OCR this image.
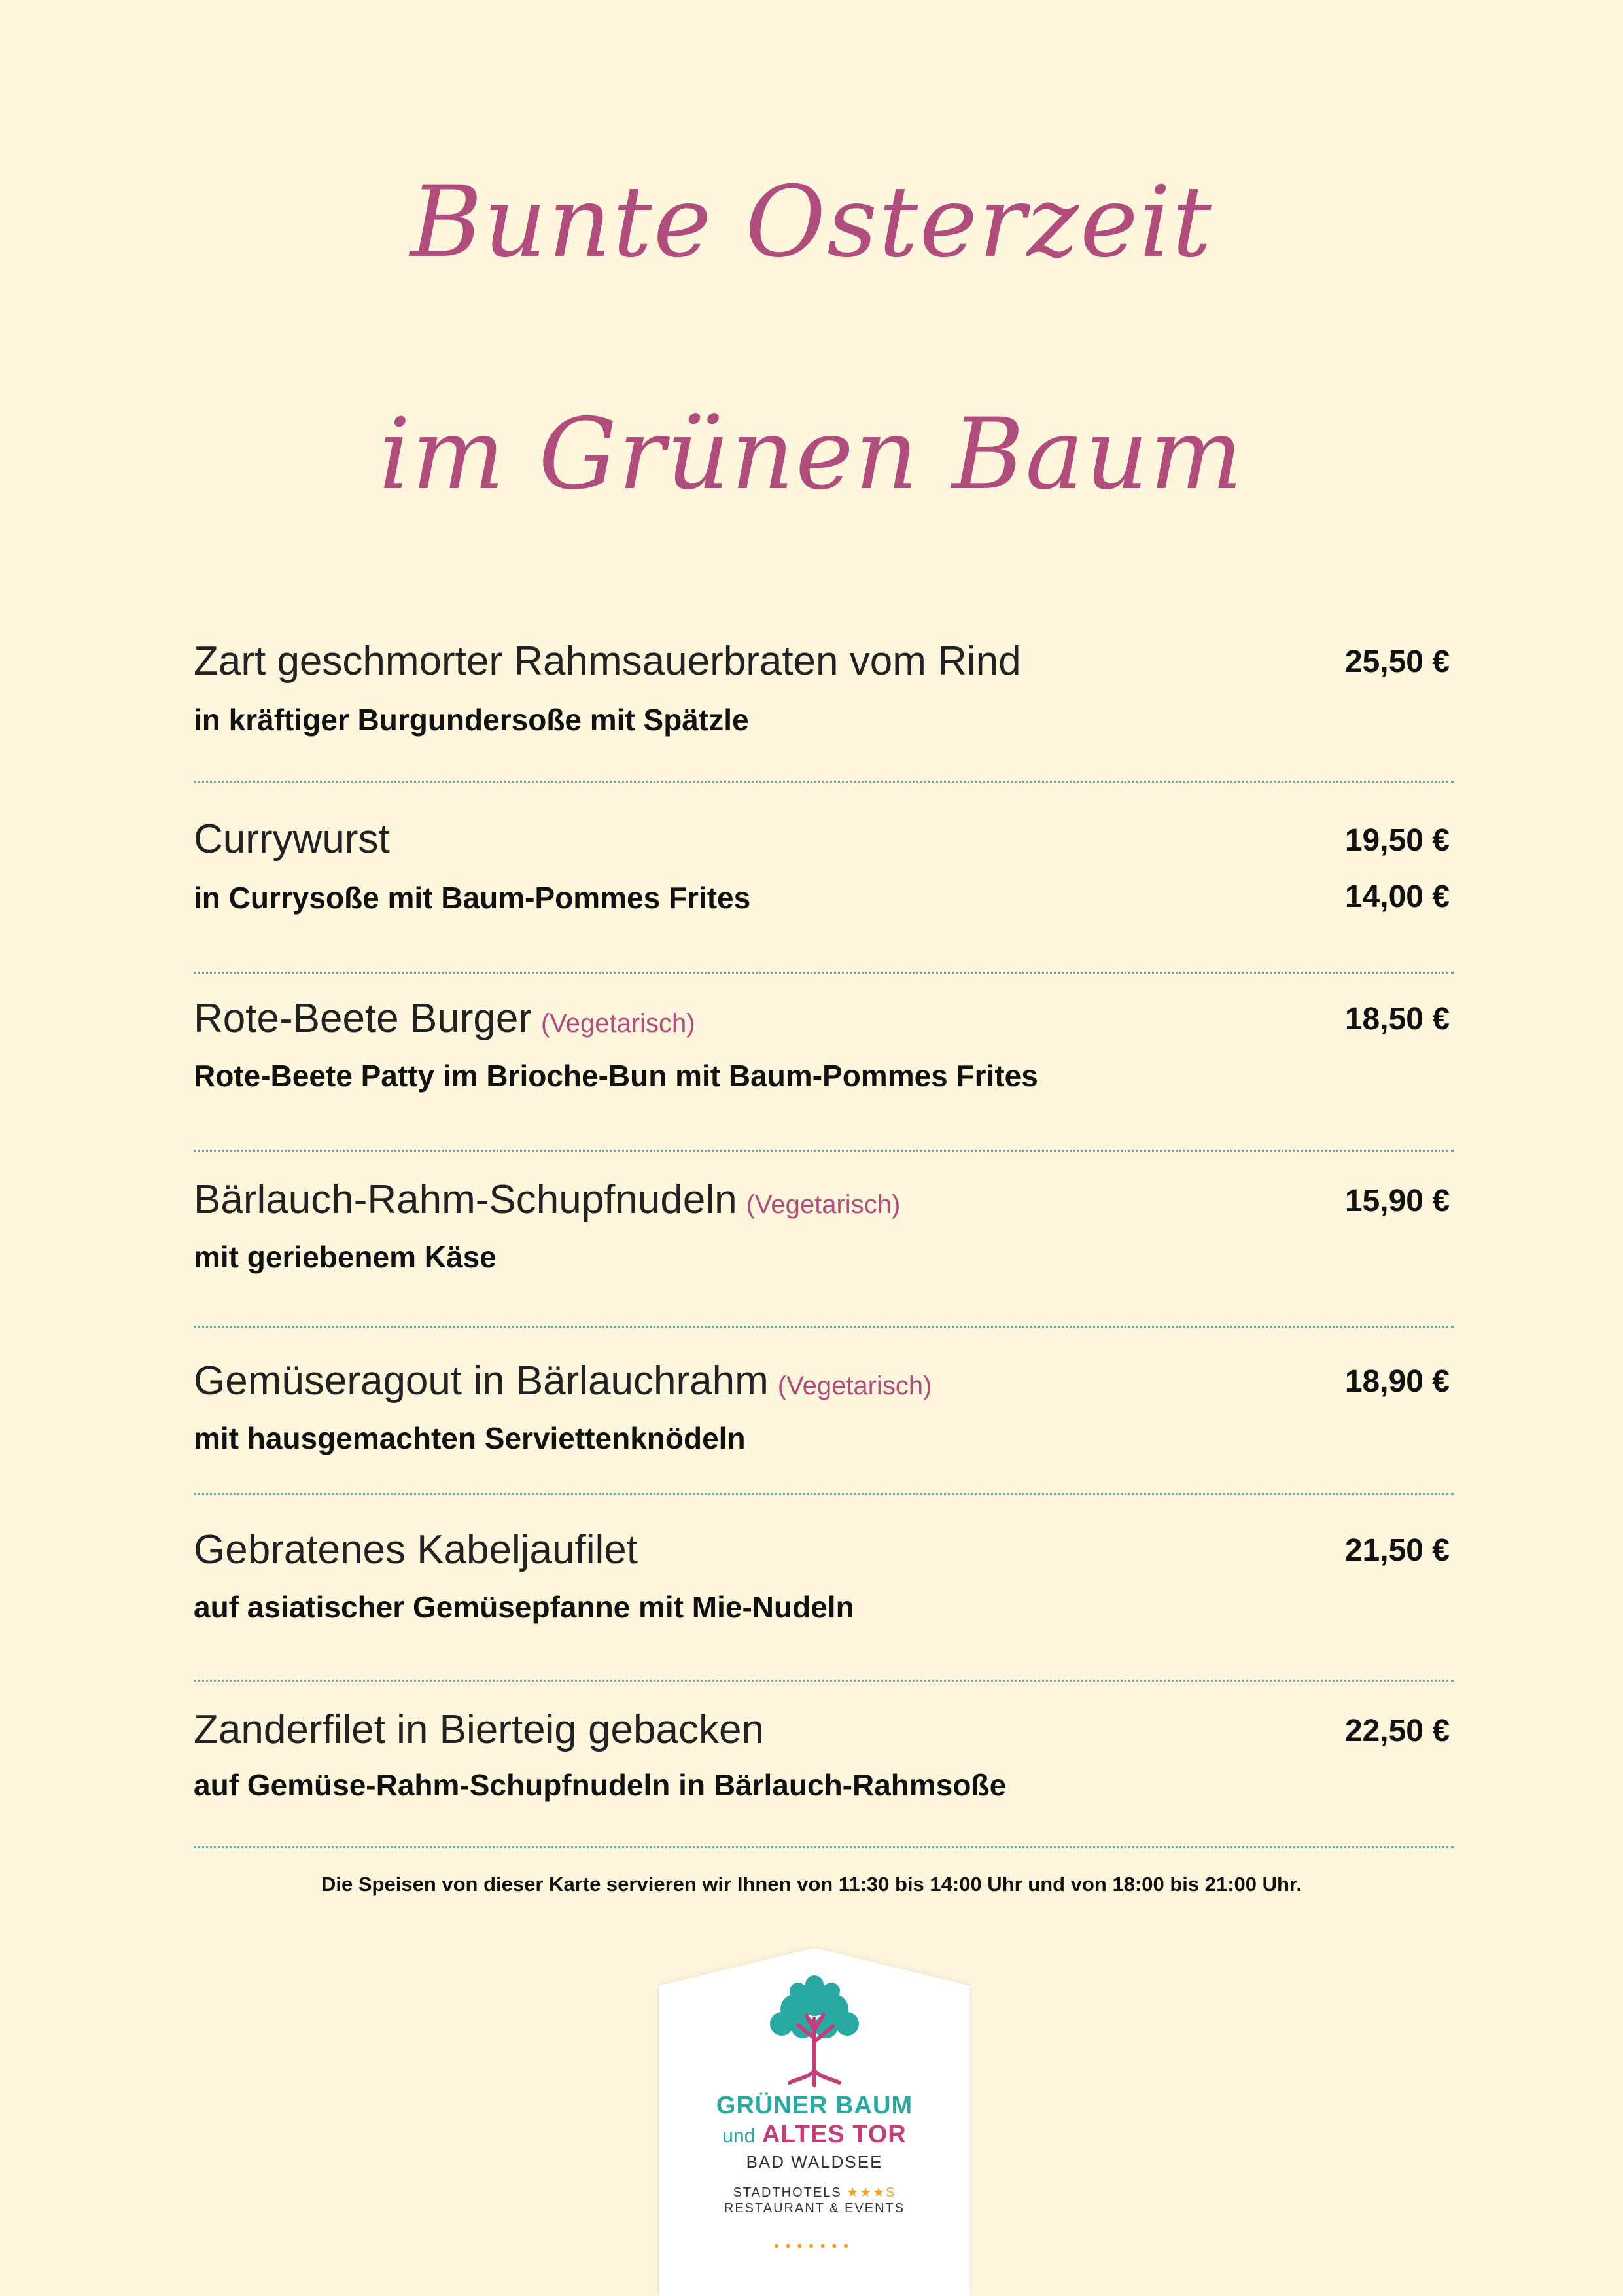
Bunte Osterzeit
im Grünen Baum
Zart geschmorter Rahmsauerbraten vom Rind	25,50 €
in kräftiger Burgundersoße mit Spätzle
Currywurst	19,50 €
14,00 €
in Currysoße mit Baum-Pommes Frites
Rote-Beete Burger (Vegetarisch)	18,50 €
Rote-Beete Patty im Brioche-Bun mit Baum-Pommes Frites
Bärlauch-Rahm-Schupfnudeln (Vegetarisch)	15,90 €
mit geriebenem Käse
Gemüseragout in Bärlauchrahm (Vegetarisch)	18,90 €
mit hausgemachten Serviettenknödeln
Gebratenes Kabeljaufilet	21,50 €
auf asiatischer Gemüsepfanne mit Mie-Nudeln
Zanderfilet in Bierteig gebacken	22,50 €
auf Gemüse-Rahm-Schupfnudeln in Bärlauch-Rahmsoße
Die Speisen von dieser Karte servieren wir Ihnen von 11:30 bis 14:00 Uhr und von 18:00 bis 21:00 Uhr.
GRÜNER BAUM
und ALTES TOR
BAD WALDSEE
STADTHOTELS ★★★S
RESTAURANT & EVENTS
•••••••
